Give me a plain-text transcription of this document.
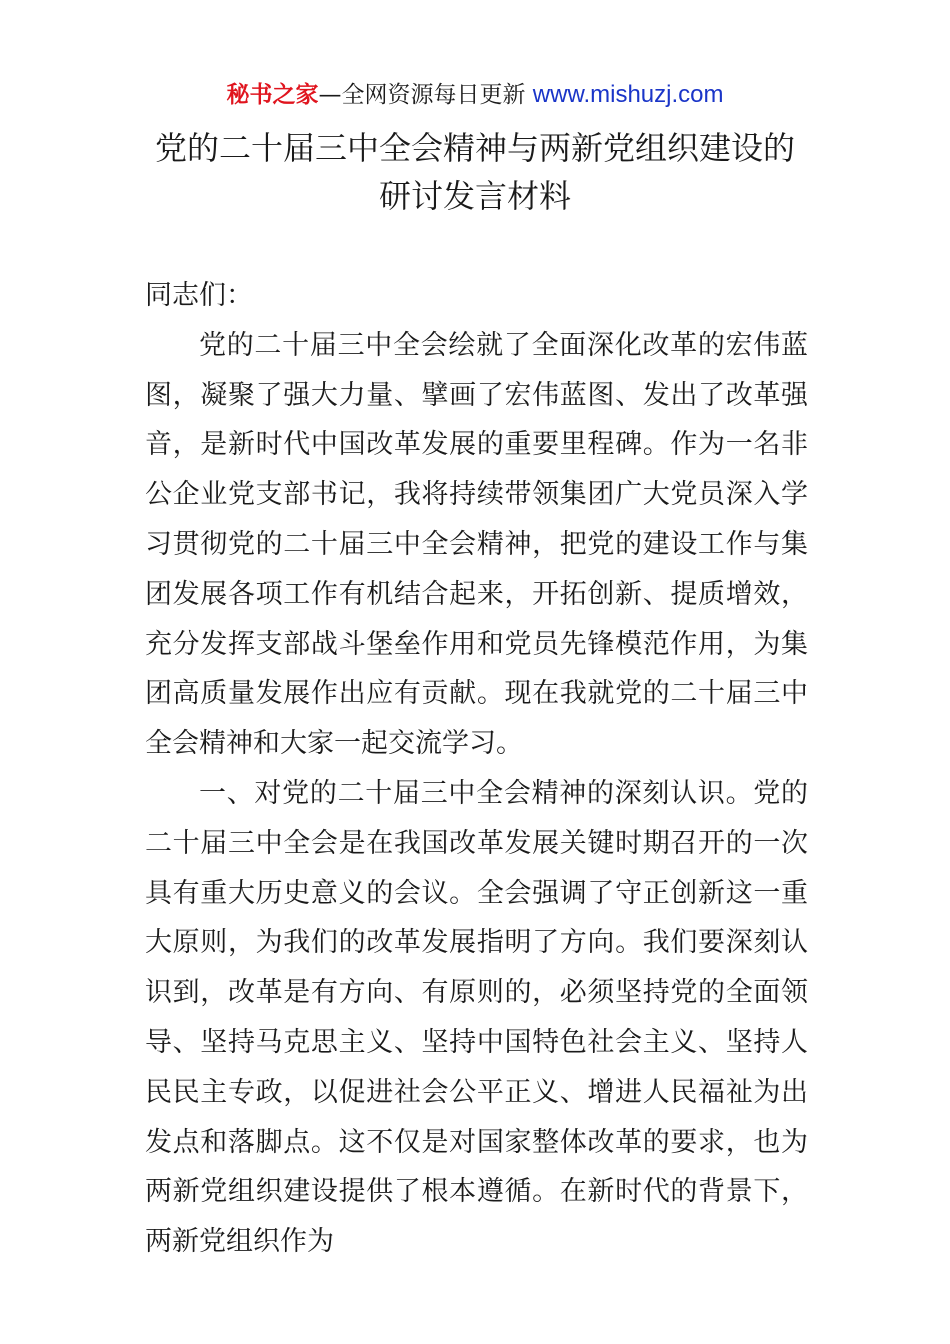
秘书之家—全网资源每日更新 www.mishuzj.com
党的二十届三中全会精神与两新党组织建设的
研讨发言材料

同志们：

党的二十届三中全会绘就了全面深化改革的宏伟蓝图，凝聚了强大力量、擘画了宏伟蓝图、发出了改革强音，是新时代中国改革发展的重要里程碑。作为一名非公企业党支部书记，我将持续带领集团广大党员深入学习贯彻党的二十届三中全会精神，把党的建设工作与集团发展各项工作有机结合起来，开拓创新、提质增效，充分发挥支部战斗堡垒作用和党员先锋模范作用，为集团高质量发展作出应有贡献。现在我就党的二十届三中全会精神和大家一起交流学习。

一、对党的二十届三中全会精神的深刻认识。党的二十届三中全会是在我国改革发展关键时期召开的一次具有重大历史意义的会议。全会强调了守正创新这一重大原则，为我们的改革发展指明了方向。我们要深刻认识到，改革是有方向、有原则的，必须坚持党的全面领导、坚持马克思主义、坚持中国特色社会主义、坚持人民民主专政，以促进社会公平正义、增进人民福祉为出发点和落脚点。这不仅是对国家整体改革的要求，也为两新党组织建设提供了根本遵循。在新时代的背景下，两新党组织作为
